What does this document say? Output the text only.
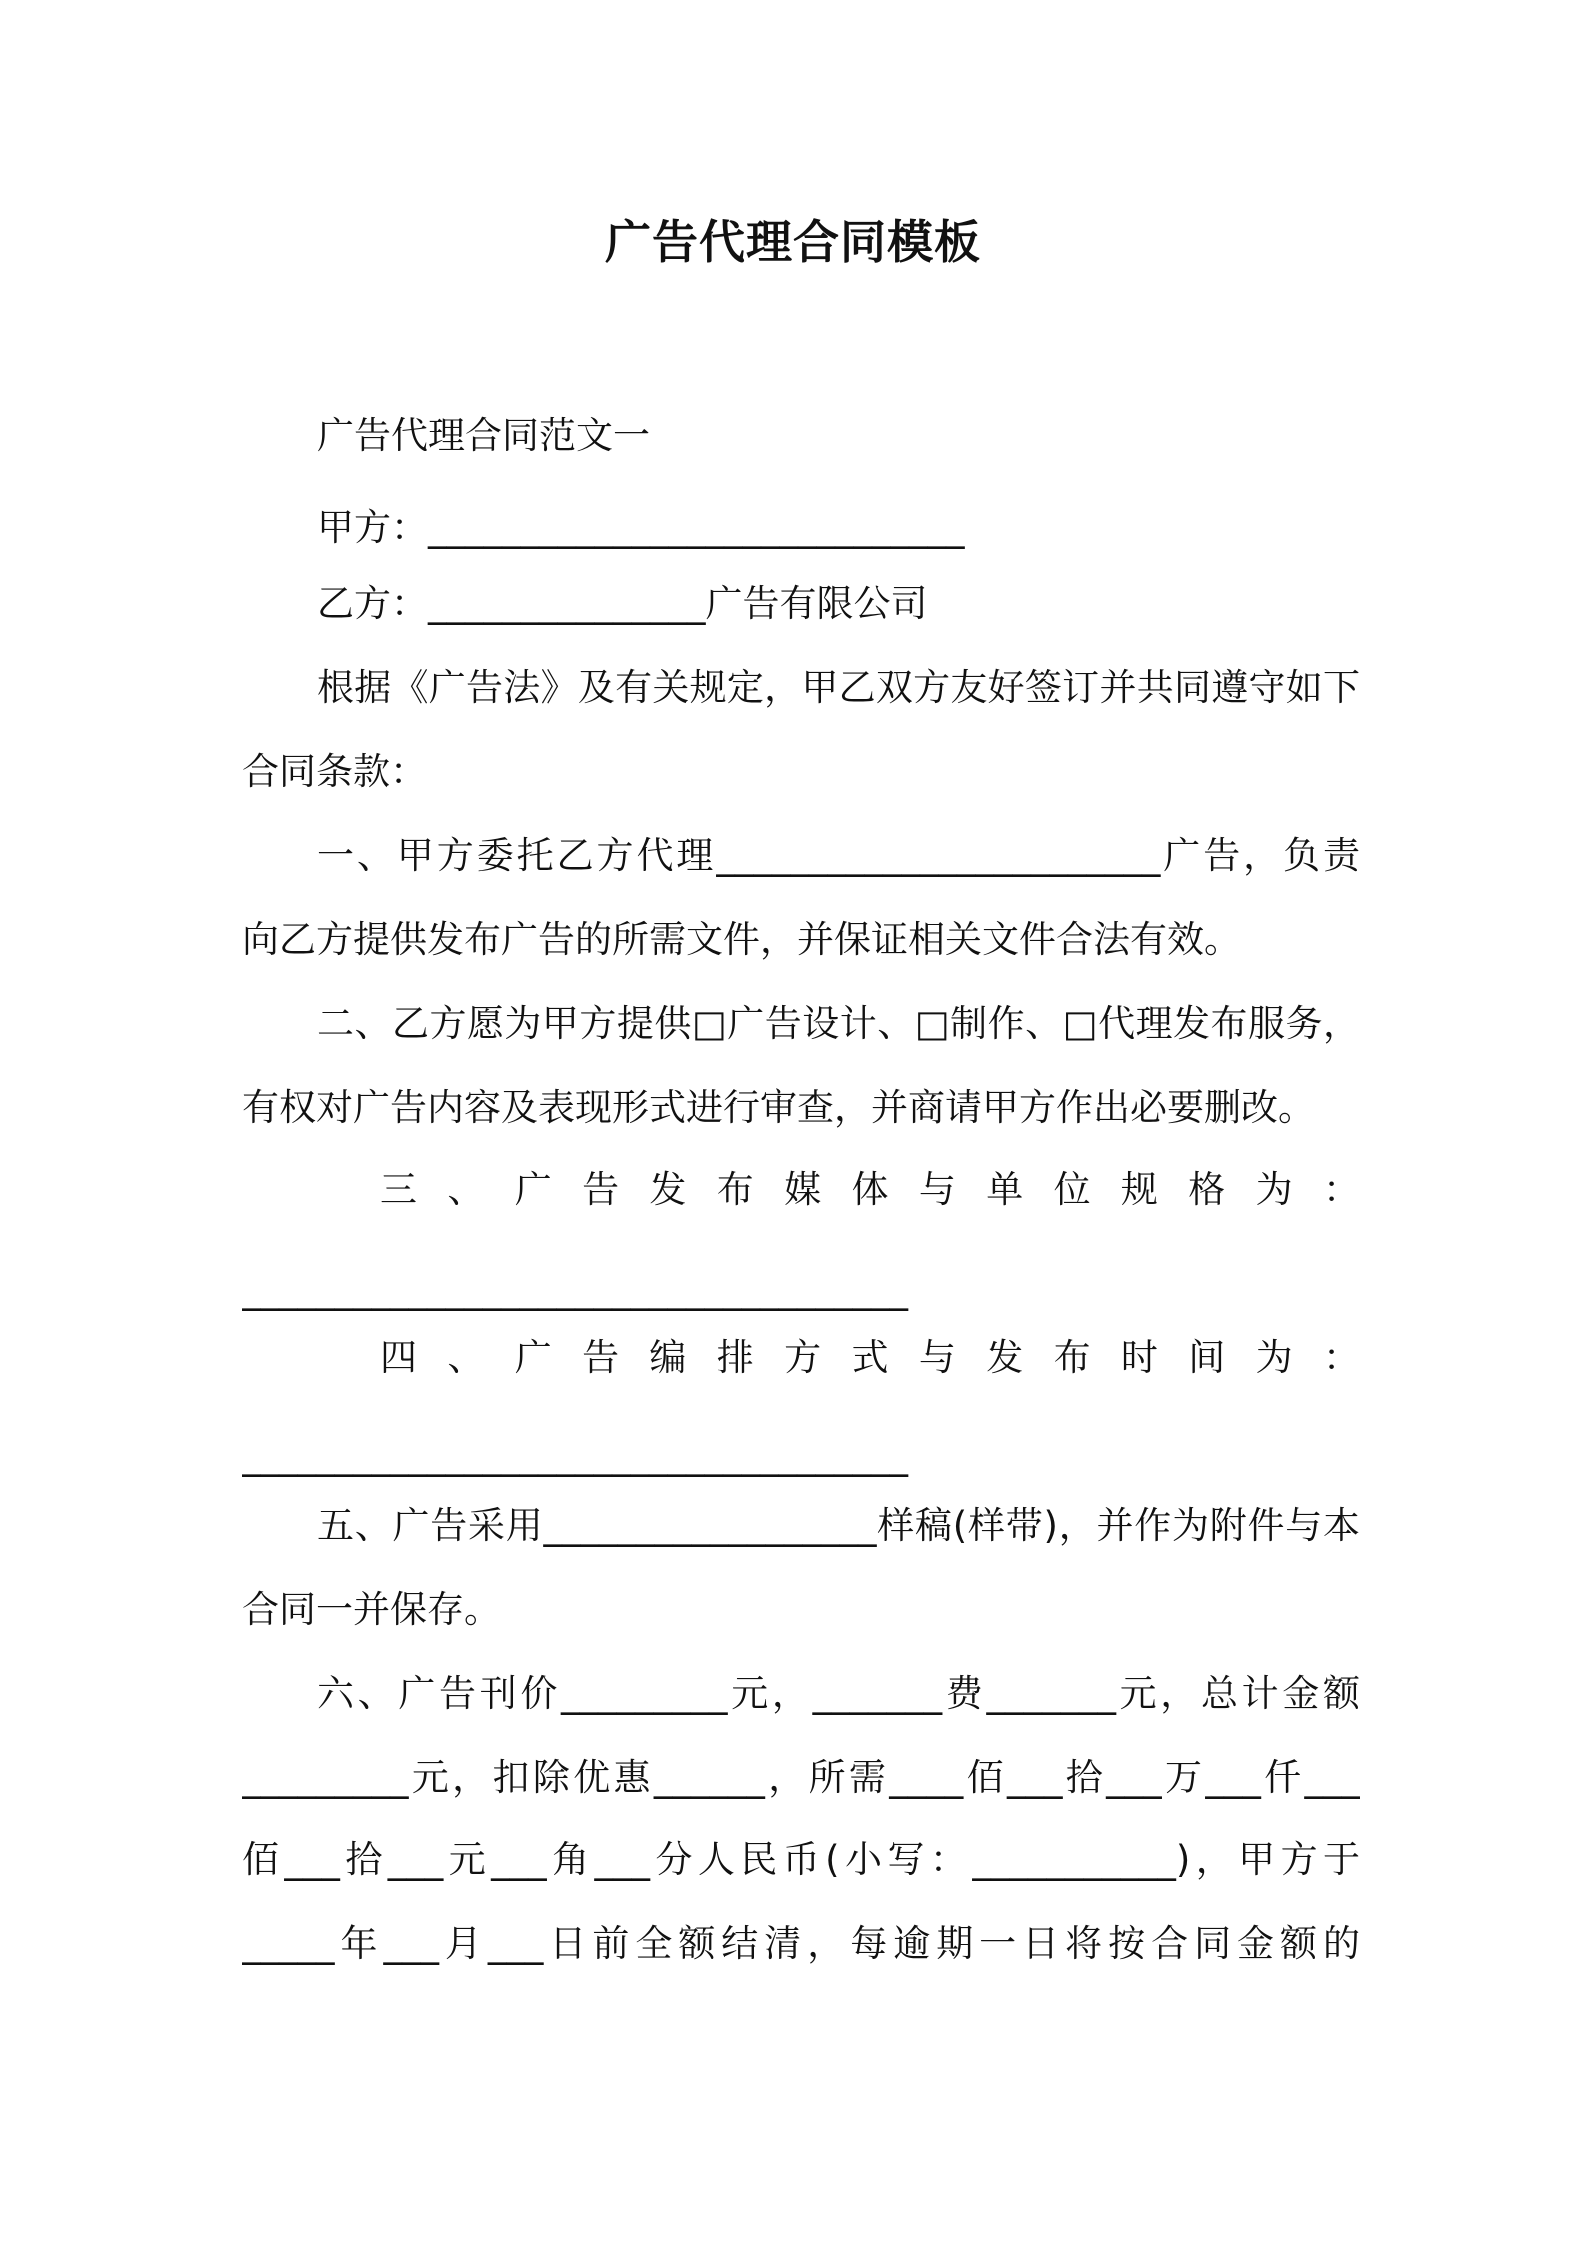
广告代理合同模板
广告代理合同范文一
甲方：_____________________________
乙方：_______________广告有限公司
根据《广告法》及有关规定，甲乙双方友好签订并共同遵守如下
合同条款：
一、甲方委托乙方代理________________________广告，负责
向乙方提供发布广告的所需文件，并保证相关文件合法有效。
二、乙方愿为甲方提供□广告设计、□制作、□代理发布服务，
有权对广告内容及表现形式进行审查，并商请甲方作出必要删改。
三、广告发布媒体与单位规格为：
____________________________________
四、广告编排方式与发布时间为：
____________________________________
五、广告采用__________________样稿(样带)，并作为附件与本
合同一并保存。
六、广告刊价_________元，_______费_______元，总计金额
_________元，扣除优惠______，所需____佰___拾___万___仟___
佰___拾___元___角___分人民币(小写：___________)，甲方于
_____年___月___日前全额结清，每逾期一日将按合同金额的
